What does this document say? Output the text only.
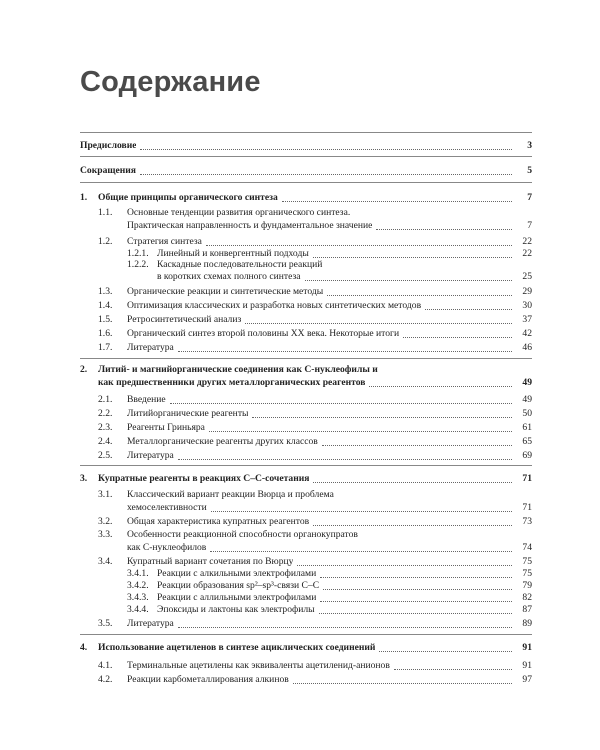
Содержание
Предисловие	3
Сокращения	5
1.	Общие принципы органического синтеза	7
1.1. Основные тенденции развития органического синтеза.
Практическая направленность и фундаментальное значение	7
1.2.	Стратегия синтеза	22
1.2.1. Линейный и конвергентный подходы	22
1.2.2. Каскадные последовательности реакций
в коротких схемах полного синтеза	25
1.3.	Органические реакции и синтетические методы	29
1.4.	Оптимизация классических и разработка новых синтетических методов	30
1.5.	Ретросинтетический анализ	37
1.6.	Органический синтез второй половины XX века. Некоторые итоги	42
1.7.	Литература	46
2. Литий- и магнийорганические соединения как С-нуклеофилы и
как предшественники других металлорганических реагентов	49
2.1.	Введение	49
2.2.	Литийорганические реагенты	50
2.3.	Реагенты Гриньяра	61
2.4.	Металлорганические реагенты других классов	65
2.5.	Литература	69
3.	Купратные реагенты в реакциях С–С-сочетания	71
3.1. Классический вариант реакции Вюрца и проблема
хемоселективности	71
3.2.	Общая характеристика купратных реагентов	73
3.3. Особенности реакционной способности органокупратов
как С-нуклеофилов	74
3.4.	Купратный вариант сочетания по Вюрцу	75
3.4.1. Реакции с алкильными электрофилами	75
3.4.2. Реакции образования sp²–sp³-связи С–С	79
3.4.3. Реакции с аллильными электрофилами	82
3.4.4. Эпоксиды и лактоны как электрофилы	87
3.5.	Литература	89
4.	Использование ацетиленов в синтезе ациклических соединений	91
4.1.	Терминальные ацетилены как эквиваленты ацетиленид-анионов	91
4.2.	Реакции карбометаллирования алкинов	97
